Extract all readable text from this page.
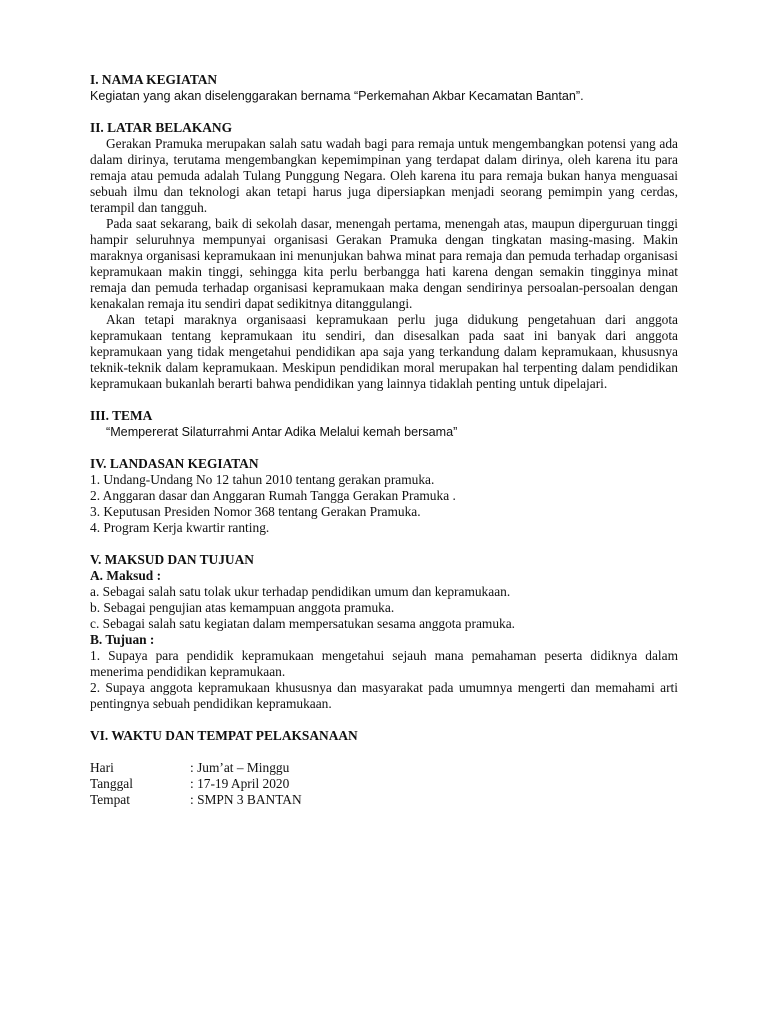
I. NAMA KEGIATAN

Kegiatan yang akan diselenggarakan bernama “Perkemahan Akbar Kecamatan Bantan”.

II. LATAR BELAKANG

Gerakan Pramuka merupakan salah satu wadah bagi para remaja untuk mengembangkan potensi yang ada dalam dirinya, terutama mengembangkan kepemimpinan yang terdapat dalam dirinya, oleh karena itu para remaja atau pemuda adalah Tulang Punggung Negara. Oleh karena itu para remaja bukan hanya menguasai sebuah ilmu dan teknologi akan tetapi harus juga dipersiapkan menjadi seorang pemimpin yang cerdas, terampil dan tangguh.

Pada saat sekarang, baik di sekolah dasar, menengah pertama, menengah atas, maupun diperguruan tinggi hampir seluruhnya mempunyai organisasi Gerakan Pramuka dengan tingkatan masing-masing. Makin maraknya organisasi kepramukaan ini menunjukan bahwa minat para remaja dan pemuda terhadap organisasi kepramukaan makin tinggi, sehingga kita perlu berbangga hati karena dengan semakin tingginya minat remaja dan pemuda terhadap organisasi kepramukaan maka dengan sendirinya persoalan-persoalan dengan kenakalan remaja itu sendiri dapat sedikitnya ditanggulangi.

Akan tetapi maraknya organisaasi kepramukaan perlu juga didukung pengetahuan dari anggota kepramukaan tentang kepramukaan itu sendiri, dan disesalkan pada saat ini banyak dari anggota kepramukaan yang tidak mengetahui pendidikan apa saja yang terkandung dalam kepramukaan, khususnya teknik-teknik dalam kepramukaan. Meskipun pendidikan moral merupakan hal terpenting dalam pendidikan kepramukaan bukanlah berarti bahwa pendidikan yang lainnya tidaklah penting untuk dipelajari.

III. TEMA

“Mempererat Silaturrahmi Antar Adika Melalui kemah bersama”

IV. LANDASAN KEGIATAN

1. Undang-Undang No 12 tahun 2010 tentang gerakan pramuka.

2. Anggaran dasar dan Anggaran Rumah Tangga Gerakan Pramuka .

3. Keputusan Presiden Nomor 368 tentang Gerakan Pramuka.

4. Program Kerja kwartir ranting.

V. MAKSUD DAN TUJUAN

A. Maksud :

a. Sebagai salah satu tolak ukur terhadap pendidikan umum dan kepramukaan.

b. Sebagai pengujian atas kemampuan anggota pramuka.

c. Sebagai salah satu kegiatan dalam mempersatukan sesama anggota pramuka.

B. Tujuan :

1. Supaya para pendidik kepramukaan mengetahui sejauh mana pemahaman peserta didiknya dalam menerima pendidikan kepramukaan.

2. Supaya anggota kepramukaan khususnya dan masyarakat pada umumnya mengerti dan memahami arti pentingnya sebuah pendidikan kepramukaan.

VI. WAKTU DAN TEMPAT PELAKSANAAN

Hari	: Jum’at – Minggu
Tanggal	: 17-19 April 2020
Tempat	: SMPN 3 BANTAN
